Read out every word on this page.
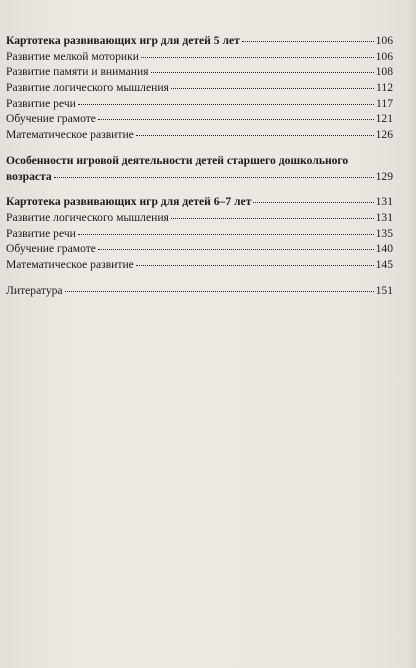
Картотека развивающих игр для детей 5 лет	106
Развитие мелкой моторики	106
Развитие памяти и внимания	108
Развитие логического мышления	112
Развитие речи	117
Обучение грамоте	121
Математическое развитие	126
Особенности игровой деятельности детей старшего дошкольного
возраста	129
Картотека развивающих игр для детей 6–7 лет	131
Развитие логического мышления	131
Развитие речи	135
Обучение грамоте	140
Математическое развитие	145
Литература	151
